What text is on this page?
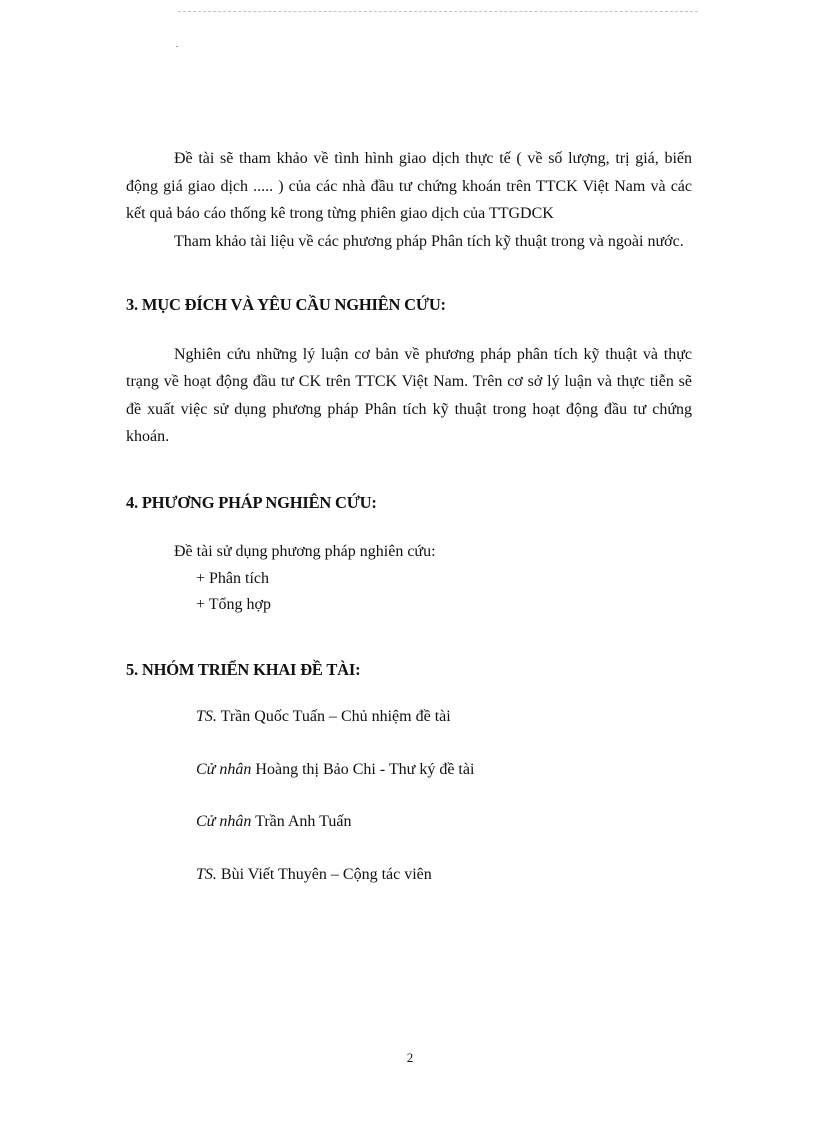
Đề tài sẽ tham khảo về tình hình giao dịch thực tế ( về số lượng, trị giá, biến động giá giao dịch ..... ) của các nhà đầu tư chứng khoán trên TTCK Việt Nam và các kết quả báo cáo thống kê trong từng phiên giao dịch của TTGDCK

Tham khảo tài liệu về các phương pháp Phân tích kỹ thuật trong và ngoài nước.

3. MỤC ĐÍCH VÀ YÊU CẦU NGHIÊN CỨU:

Nghiên cứu những lý luận cơ bản về phương pháp phân tích kỹ thuật và thực trạng về hoạt động đầu tư CK trên TTCK Việt Nam. Trên cơ sở lý luận và thực tiễn sẽ đề xuất việc sử dụng phương pháp Phân tích kỹ thuật trong hoạt động đầu tư chứng khoán.

4. PHƯƠNG PHÁP NGHIÊN CỨU:
Đề tài sử dụng phương pháp nghiên cứu:
+ Phân tích
+ Tổng hợp
5. NHÓM TRIỂN KHAI ĐỀ TÀI:
TS. Trần Quốc Tuấn – Chủ nhiệm đề tài
Cử nhân Hoàng thị Bảo Chi - Thư ký đề tài
Cử nhân Trần Anh Tuấn
TS. Bùi Viết Thuyên – Cộng tác viên
2
